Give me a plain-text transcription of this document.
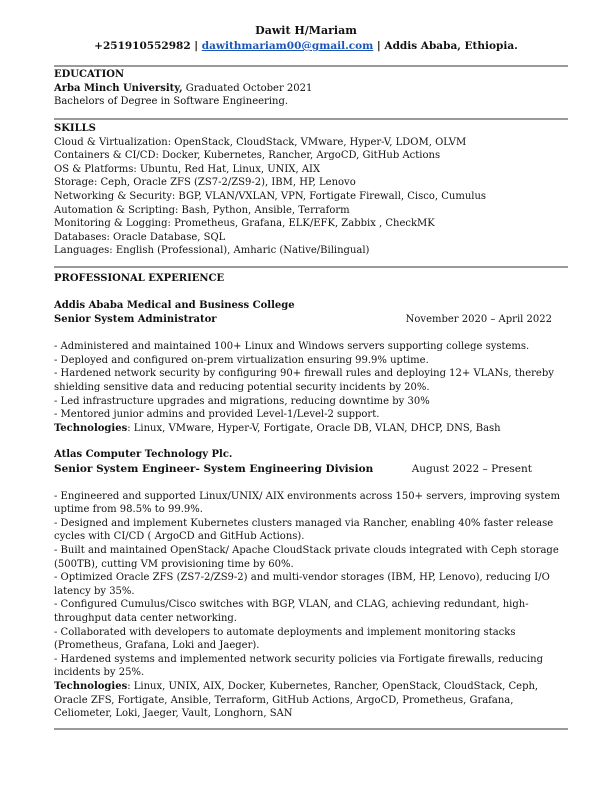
Dawit H/Mariam
+251910552982 | dawithmariam00@gmail.com | Addis Ababa, Ethiopia.
EDUCATION
Arba Minch University, Graduated October 2021
Bachelors of Degree in Software Engineering.
SKILLS
Cloud & Virtualization: OpenStack, CloudStack, VMware, Hyper-V, LDOM, OLVM
Containers & CI/CD: Docker, Kubernetes, Rancher, ArgoCD, GitHub Actions
OS & Platforms: Ubuntu, Red Hat, Linux, UNIX, AIX
Storage: Ceph, Oracle ZFS (ZS7-2/ZS9-2), IBM, HP, Lenovo
Networking & Security: BGP, VLAN/VXLAN, VPN, Fortigate Firewall, Cisco, Cumulus
Automation & Scripting: Bash, Python, Ansible, Terraform
Monitoring & Logging: Prometheus, Grafana, ELK/EFK, Zabbix , CheckMK
Databases: Oracle Database, SQL
Languages: English (Professional), Amharic (Native/Bilingual)
PROFESSIONAL EXPERIENCE
Addis Ababa Medical and Business College
Senior System Administrator	November 2020 – April 2022
- Administered and maintained 100+ Linux and Windows servers supporting college systems.
- Deployed and configured on-prem virtualization ensuring 99.9% uptime.
- Hardened network security by configuring 90+ firewall rules and deploying 12+ VLANs, thereby shielding sensitive data and reducing potential security incidents by 20%.
- Led infrastructure upgrades and migrations, reducing downtime by 30%
- Mentored junior admins and provided Level-1/Level-2 support.
Technologies: Linux, VMware, Hyper-V, Fortigate, Oracle DB, VLAN, DHCP, DNS, Bash
Atlas Computer Technology Plc.
Senior System Engineer- System Engineering Division	August 2022 – Present
- Engineered and supported Linux/UNIX/ AIX environments across 150+ servers, improving system uptime from 98.5% to 99.9%.
- Designed and implement Kubernetes clusters managed via Rancher, enabling 40% faster release cycles with CI/CD ( ArgoCD and GitHub Actions).
- Built and maintained OpenStack/ Apache CloudStack private clouds integrated with Ceph storage (500TB), cutting VM provisioning time by 60%.
- Optimized Oracle ZFS (ZS7-2/ZS9-2) and multi-vendor storages (IBM, HP, Lenovo), reducing I/O latency by 35%.
- Configured Cumulus/Cisco switches with BGP, VLAN, and CLAG, achieving redundant, high-throughput data center networking.
- Collaborated with developers to automate deployments and implement monitoring stacks (Prometheus, Grafana, Loki and Jaeger).
- Hardened systems and implemented network security policies via Fortigate firewalls, reducing incidents by 25%.
Technologies: Linux, UNIX, AIX, Docker, Kubernetes, Rancher, OpenStack, CloudStack, Ceph, Oracle ZFS, Fortigate, Ansible, Terraform, GitHub Actions, ArgoCD, Prometheus, Grafana, Celiometer, Loki, Jaeger, Vault, Longhorn, SAN
